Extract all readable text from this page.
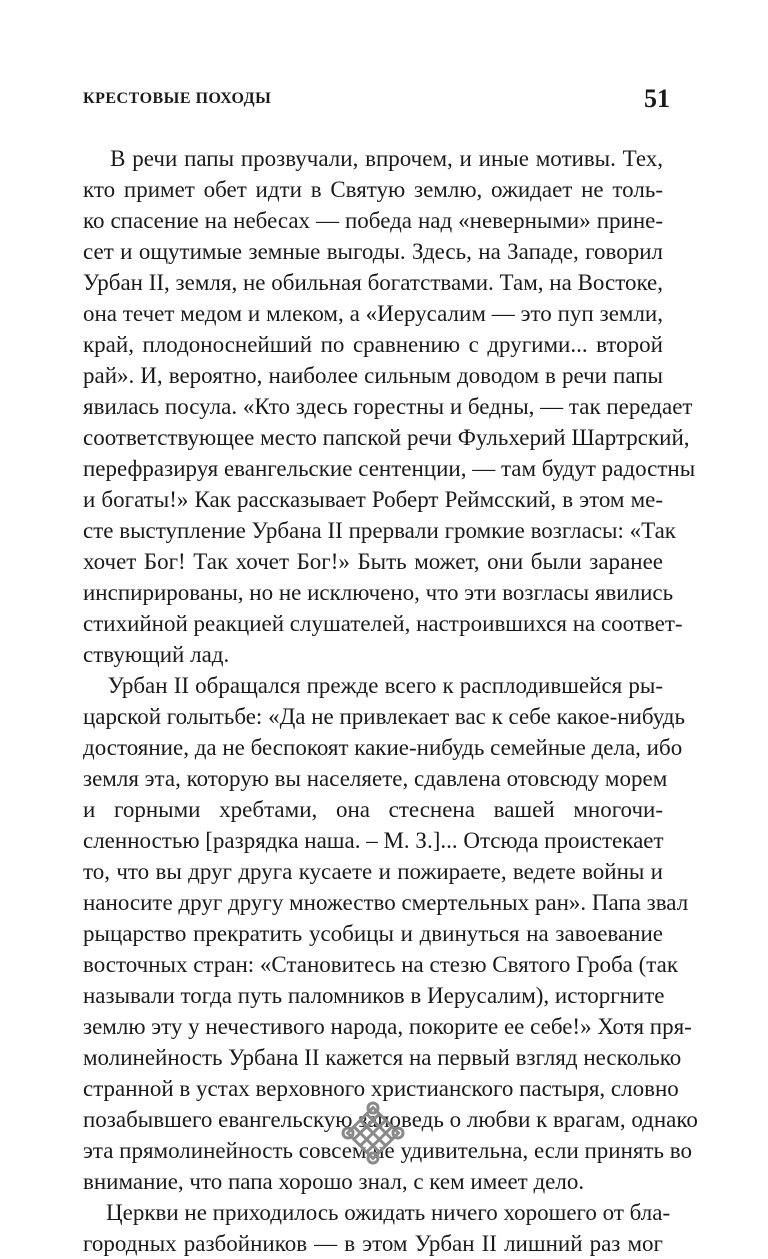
КРЕСТОВЫЕ ПОХОДЫ	51
В речи папы прозвучали, впрочем, и иные мотивы. Тех,
кто примет обет идти в Святую землю, ожидает не толь-
ко спасение на небесах — победа над «неверными» прине-
сет и ощутимые земные выгоды. Здесь, на Западе, говорил
Урбан II, земля, не обильная богатствами. Там, на Востоке,
она течет медом и млеком, а «Иерусалим — это пуп земли,
край, плодоноснейший по сравнению с другими... второй
рай». И, вероятно, наиболее сильным доводом в речи папы
явилась посула. «Кто здесь горестны и бедны, — так передает
соответствующее место папской речи Фульхерий Шартрский,
перефразируя евангельские сентенции, — там будут радостны
и богаты!» Как рассказывает Роберт Реймсский, в этом ме-
сте выступление Урбана II прервали громкие возгласы: «Так
хочет Бог! Так хочет Бог!» Быть может, они были заранее
инспирированы, но не исключено, что эти возгласы явились
стихийной реакцией слушателей, настроившихся на соответ-
ствующий лад.
Урбан II обращался прежде всего к расплодившейся ры-
царской голытьбе: «Да не привлекает вас к себе какое-нибудь
достояние, да не беспокоят какие-нибудь семейные дела, ибо
земля эта, которую вы населяете, сдавлена отовсюду морем
и горными хребтами, она стеснена вашей многочи-
сленностью [разрядка наша. – М. З.]... Отсюда проистекает
то, что вы друг друга кусаете и пожираете, ведете войны и
наносите друг другу множество смертельных ран». Папа звал
рыцарство прекратить усобицы и двинуться на завоевание
восточных стран: «Становитесь на стезю Святого Гроба (так
называли тогда путь паломников в Иерусалим), исторгните
землю эту у нечестивого народа, покорите ее себе!» Хотя пря-
молинейность Урбана II кажется на первый взгляд несколько
странной в устах верховного христианского пастыря, словно
позабывшего евангельскую заповедь о любви к врагам, однако
эта прямолинейность совсем не удивительна, если принять во
внимание, что папа хорошо знал, с кем имеет дело.
Церкви не приходилось ожидать ничего хорошего от бла-
городных разбойников — в этом Урбан II лишний раз мог
